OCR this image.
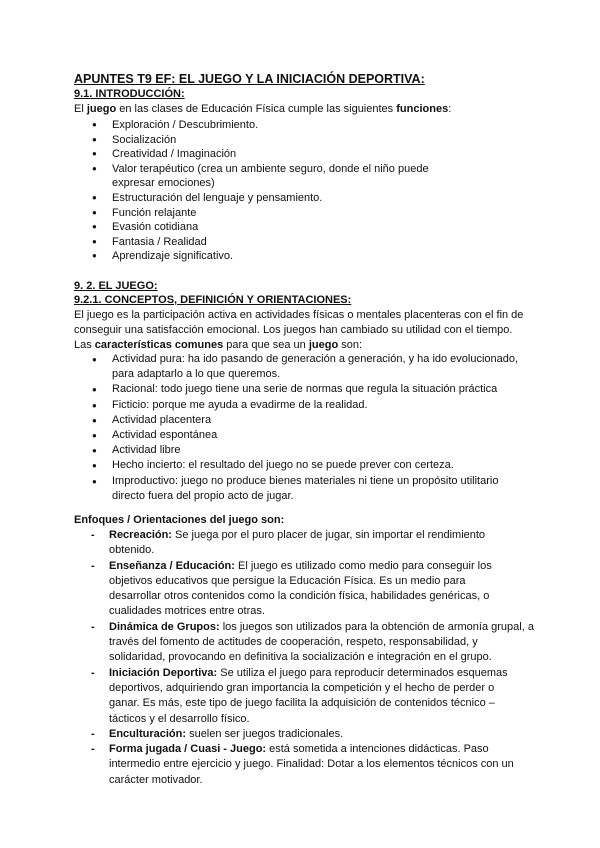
APUNTES T9 EF: EL JUEGO Y LA INICIACIÓN DEPORTIVA:
9.1. INTRODUCCIÓN:
El juego en las clases de Educación Física cumple las siguientes funciones:
● Exploración / Descubrimiento.
● Socialización
● Creatividad / Imaginación
● Valor terapéutico (crea un ambiente seguro, donde el niño puede expresar emociones)
● Estructuración del lenguaje y pensamiento.
● Función relajante
● Evasión cotidiana
● Fantasia / Realidad
● Aprendizaje significativo.
9. 2. EL JUEGO:
9.2.1. CONCEPTOS, DEFINICIÓN Y ORIENTACIONES:
El juego es la participación activa en actividades físicas o mentales placenteras con el fin de
conseguir una satisfacción emocional. Los juegos han cambiado su utilidad con el tiempo.
Las características comunes para que sea un juego son:
● Actividad pura: ha ido pasando de generación a generación, y ha ido evolucionado, para adaptarlo a lo que queremos.
● Racional: todo juego tiene una serie de normas que regula la situación práctica
● Ficticio: porque me ayuda a evadirme de la realidad.
● Actividad placentera
● Actividad espontánea
● Actividad libre
● Hecho incierto: el resultado del juego no se puede prever con certeza.
● Improductivo: juego no produce bienes materiales ni tiene un propósito utilitario directo fuera del propio acto de jugar.
Enfoques / Orientaciones del juego son:
- Recreación: Se juega por el puro placer de jugar, sin importar el rendimiento obtenido.
- Enseñanza / Educación: El juego es utilizado como medio para conseguir los objetivos educativos que persigue la Educación Física. Es un medio para desarrollar otros contenidos como la condición física, habilidades genéricas, o cualidades motrices entre otras.
- Dinámica de Grupos: los juegos son utilizados para la obtención de armonía grupal, a través del fomento de actitudes de cooperación, respeto, responsabilidad, y solidaridad, provocando en definitiva la socialización e integración en el grupo.
- Iniciación Deportiva: Se utiliza el juego para reproducir determinados esquemas deportivos, adquiriendo gran importancia la competición y el hecho de perder o ganar. Es más, este tipo de juego facilita la adquisición de contenidos técnico – tácticos y el desarrollo físico.
- Enculturación: suelen ser juegos tradicionales.
- Forma jugada / Cuasi - Juego: está sometida a intenciones didácticas. Paso intermedio entre ejercicio y juego. Finalidad: Dotar a los elementos técnicos con un carácter motivador.
